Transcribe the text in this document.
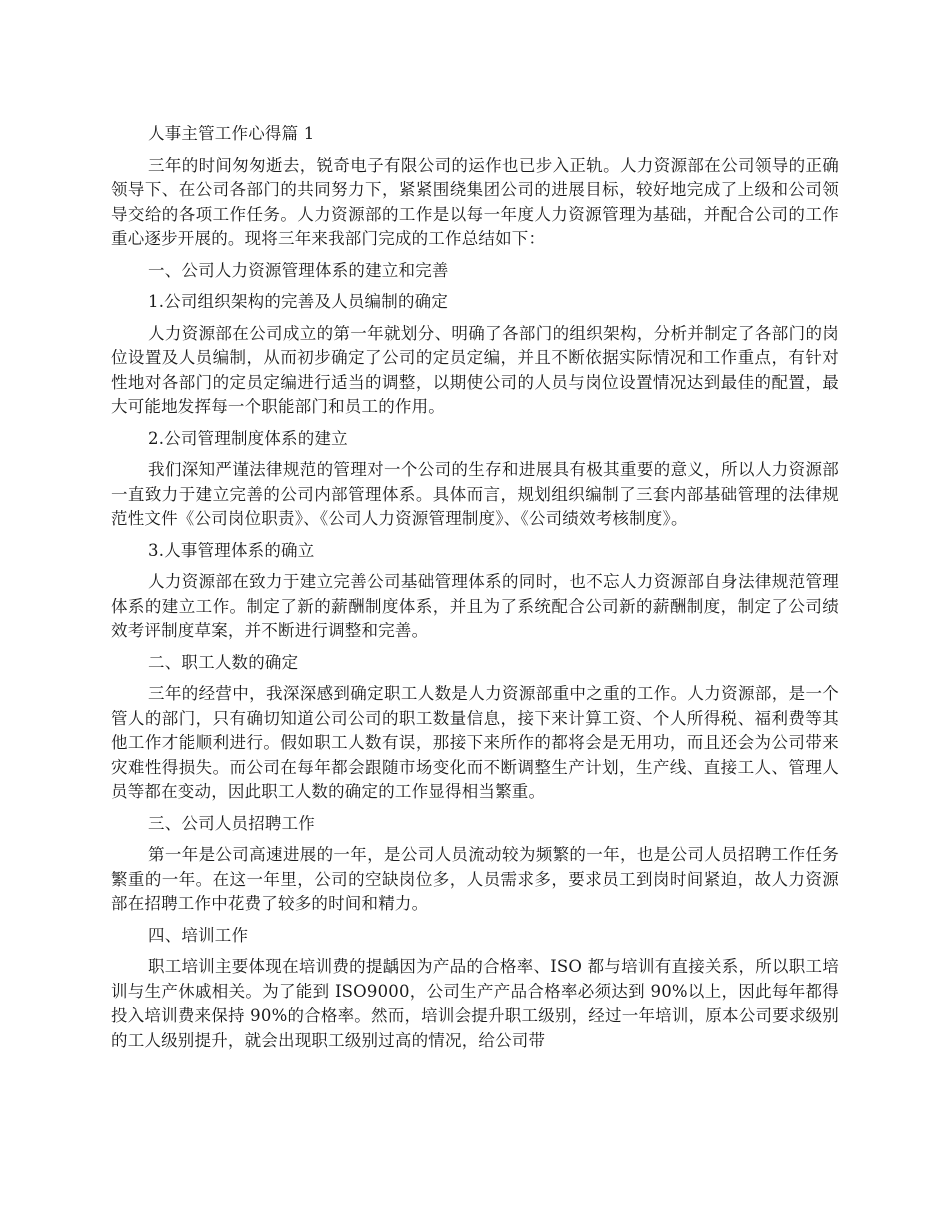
人事主管工作心得篇 1

三年的时间匆匆逝去，锐奇电子有限公司的运作也已步入正轨。人力资源部在公司领导的正确领导下、在公司各部门的共同努力下，紧紧围绕集团公司的进展目标，较好地完成了上级和公司领导交给的各项工作任务。人力资源部的工作是以每一年度人力资源管理为基础，并配合公司的工作重心逐步开展的。现将三年来我部门完成的工作总结如下：

一、公司人力资源管理体系的建立和完善

1.公司组织架构的完善及人员编制的确定

人力资源部在公司成立的第一年就划分、明确了各部门的组织架构，分析并制定了各部门的岗位设置及人员编制，从而初步确定了公司的定员定编，并且不断依据实际情况和工作重点，有针对性地对各部门的定员定编进行适当的调整，以期使公司的人员与岗位设置情况达到最佳的配置，最大可能地发挥每一个职能部门和员工的作用。

2.公司管理制度体系的建立

我们深知严谨法律规范的管理对一个公司的生存和进展具有极其重要的意义，所以人力资源部一直致力于建立完善的公司内部管理体系。具体而言，规划组织编制了三套内部基础管理的法律规范性文件《公司岗位职责》、《公司人力资源管理制度》、《公司绩效考核制度》。

3.人事管理体系的确立

人力资源部在致力于建立完善公司基础管理体系的同时，也不忘人力资源部自身法律规范管理体系的建立工作。制定了新的薪酬制度体系，并且为了系统配合公司新的薪酬制度，制定了公司绩效考评制度草案，并不断进行调整和完善。

二、职工人数的确定

三年的经营中，我深深感到确定职工人数是人力资源部重中之重的工作。人力资源部，是一个管人的部门，只有确切知道公司公司的职工数量信息，接下来计算工资、个人所得税、福利费等其他工作才能顺利进行。假如职工人数有误，那接下来所作的都将会是无用功，而且还会为公司带来灾难性得损失。而公司在每年都会跟随市场变化而不断调整生产计划，生产线、直接工人、管理人员等都在变动，因此职工人数的确定的工作显得相当繁重。

三、公司人员招聘工作

第一年是公司高速进展的一年，是公司人员流动较为频繁的一年，也是公司人员招聘工作任务繁重的一年。在这一年里，公司的空缺岗位多，人员需求多，要求员工到岗时间紧迫，故人力资源部在招聘工作中花费了较多的时间和精力。

四、培训工作

职工培训主要体现在培训费的提龋因为产品的合格率、ISO 都与培训有直接关系，所以职工培训与生产休戚相关。为了能到 ISO9000，公司生产产品合格率必须达到 90%以上，因此每年都得投入培训费来保持 90%的合格率。然而，培训会提升职工级别，经过一年培训，原本公司要求级别的工人级别提升，就会出现职工级别过高的情况，给公司带
